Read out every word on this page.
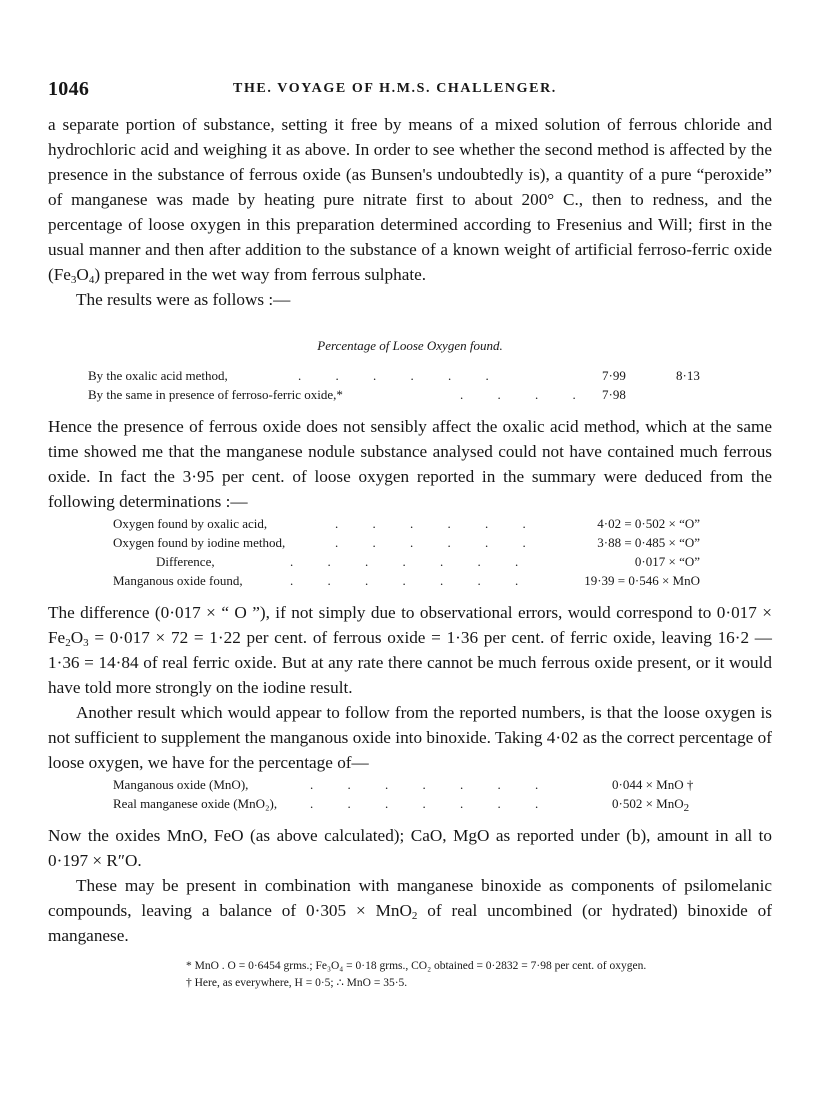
1046	THE. VOYAGE OF H.M.S. CHALLENGER.

a separate portion of substance, setting it free by means of a mixed solution of ferrous chloride and hydrochloric acid and weighing it as above. In order to see whether the second method is affected by the presence in the substance of ferrous oxide (as Bunsen's undoubtedly is), a quantity of a pure “peroxide” of manganese was made by heating pure nitrate first to about 200° C., then to redness, and the percentage of loose oxygen in this preparation determined according to Fresenius and Will; first in the usual manner and then after addition to the substance of a known weight of artificial ferroso-ferric oxide $(Fe_3O_4)$ prepared in the wet way from ferrous sulphate.

The results were as follows :—

Percentage of Loose Oxygen found.
By the oxalic acid method,	. . . . . .	7·99	8·13
By the same in presence of ferroso-ferric oxide,*	. . . . 7·98

Hence the presence of ferrous oxide does not sensibly affect the oxalic acid method, which at the same time showed me that the manganese nodule substance analysed could not have contained much ferrous oxide. In fact the 3·95 per cent. of loose oxygen reported in the summary were deduced from the following determinations :—

Oxygen found by oxalic acid,	. . . . . .	4·02 = 0·502 × “O”
Oxygen found by iodine method,	. . . . . .	3·88 = 0·485 × “O”
Difference,	. . . . . . .	0·017 × “O”
Manganous oxide found,	. . . . . . .	19·39 = 0·546 × MnO

The difference (0·017 × “ O ”), if not simply due to observational errors, would correspond to $0\cdot 017 \times Fe_2O_3 = 0\cdot 017 \times 72 = 1\cdot 22$ per cent. of ferrous oxide = 1·36 per cent. of ferric oxide, leaving 16·2 — 1·36 = 14·84 of real ferric oxide. But at any rate there cannot be much ferrous oxide present, or it would have told more strongly on the iodine result.

Another result which would appear to follow from the reported numbers, is that the loose oxygen is not sufficient to supplement the manganous oxide into binoxide. Taking 4·02 as the correct percentage of loose oxygen, we have for the percentage of—

Manganous oxide (MnO),	. . . . . . .	0·044 × MnO †
Real manganese oxide (MnO₂),	. . . . . . .	0·502 × MnO$_2$

Now the oxides MnO, FeO (as above calculated); CaO, MgO as reported under (b), amount in all to 0·197 × R″O.

These may be present in combination with manganese binoxide as components of psilomelanic compounds, leaving a balance of 0·305 × MnO$_2$ of real uncombined (or hydrated) binoxide of manganese.

* MnO . O = 0·6454 grms.; Fe₃O₄ = 0·18 grms., CO₂ obtained = 0·2832 = 7·98 per cent. of oxygen.
† Here, as everywhere, H = 0·5; ∴ MnO = 35·5.
